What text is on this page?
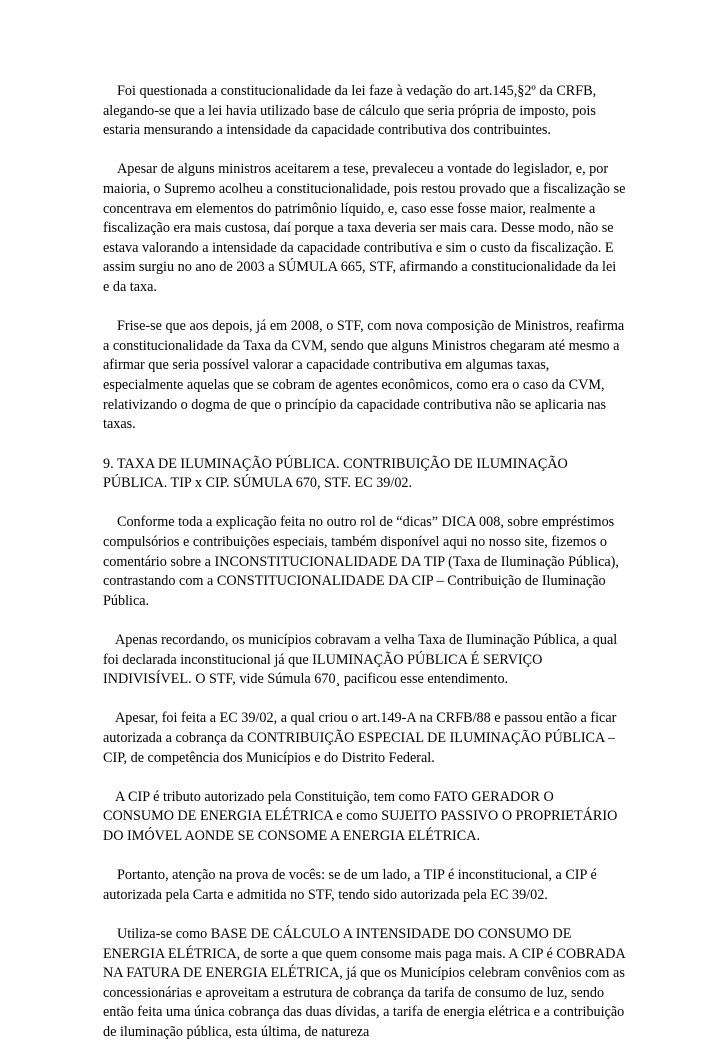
Foi questionada a constitucionalidade da lei faze à vedação do art.145,§2º da CRFB, alegando-se que a lei havia utilizado base de cálculo que seria própria de imposto, pois estaria mensurando a intensidade da capacidade contributiva dos contribuintes.

Apesar de alguns ministros aceitarem a tese, prevaleceu a vontade do legislador, e, por maioria, o Supremo acolheu a constitucionalidade, pois restou provado que a fiscalização se concentrava em elementos do patrimônio líquido, e, caso esse fosse maior, realmente a fiscalização era mais custosa, daí porque a taxa deveria ser mais cara. Desse modo, não se estava valorando a intensidade da capacidade contributiva e sim o custo da fiscalização. E assim surgiu no ano de 2003 a SÚMULA 665, STF, afirmando a constitucionalidade da lei e da taxa.

Frise-se que aos depois, já em 2008, o STF, com nova composição de Ministros, reafirma a constitucionalidade da Taxa da CVM, sendo que alguns Ministros chegaram até mesmo a afirmar que seria possível valorar a capacidade contributiva em algumas taxas, especialmente aquelas que se cobram de agentes econômicos, como era o caso da CVM, relativizando o dogma de que o princípio da capacidade contributiva não se aplicaria nas taxas.

9. TAXA DE ILUMINAÇÃO PÚBLICA. CONTRIBUIÇÃO DE ILUMINAÇÃO PÚBLICA. TIP x CIP. SÚMULA 670, STF. EC 39/02.

Conforme toda a explicação feita no outro rol de “dicas” DICA 008, sobre empréstimos compulsórios e contribuições especiais, também disponível aqui no nosso site, fizemos o comentário sobre a INCONSTITUCIONALIDADE DA TIP (Taxa de Iluminação Pública), contrastando com a CONSTITUCIONALIDADE DA CIP – Contribuição de Iluminação Pública.

Apenas recordando, os municípios cobravam a velha Taxa de Iluminação Pública, a qual foi declarada inconstitucional já que ILUMINAÇÃO PÚBLICA É SERVIÇO INDIVISÍVEL. O STF, vide Súmula 670¸ pacificou esse entendimento.

Apesar, foi feita a EC 39/02, a qual criou o art.149-A na CRFB/88 e passou então a ficar autorizada a cobrança da CONTRIBUIÇÃO ESPECIAL DE ILUMINAÇÃO PÚBLICA – CIP, de competência dos Municípios e do Distrito Federal.

A CIP é tributo autorizado pela Constituição, tem como FATO GERADOR O CONSUMO DE ENERGIA ELÉTRICA e como SUJEITO PASSIVO O PROPRIETÁRIO DO IMÓVEL AONDE SE CONSOME A ENERGIA ELÉTRICA.

Portanto, atenção na prova de vocês: se de um lado, a TIP é inconstitucional, a CIP é autorizada pela Carta e admitida no STF, tendo sido autorizada pela EC 39/02.

Utiliza-se como BASE DE CÁLCULO A INTENSIDADE DO CONSUMO DE ENERGIA ELÉTRICA, de sorte a que quem consome mais paga mais. A CIP é COBRADA NA FATURA DE ENERGIA ELÉTRICA, já que os Municípios celebram convênios com as concessionárias e aproveitam a estrutura de cobrança da tarifa de consumo de luz, sendo então feita uma única cobrança das duas dívidas, a tarifa de energia elétrica e a contribuição de iluminação pública, esta última, de natureza
